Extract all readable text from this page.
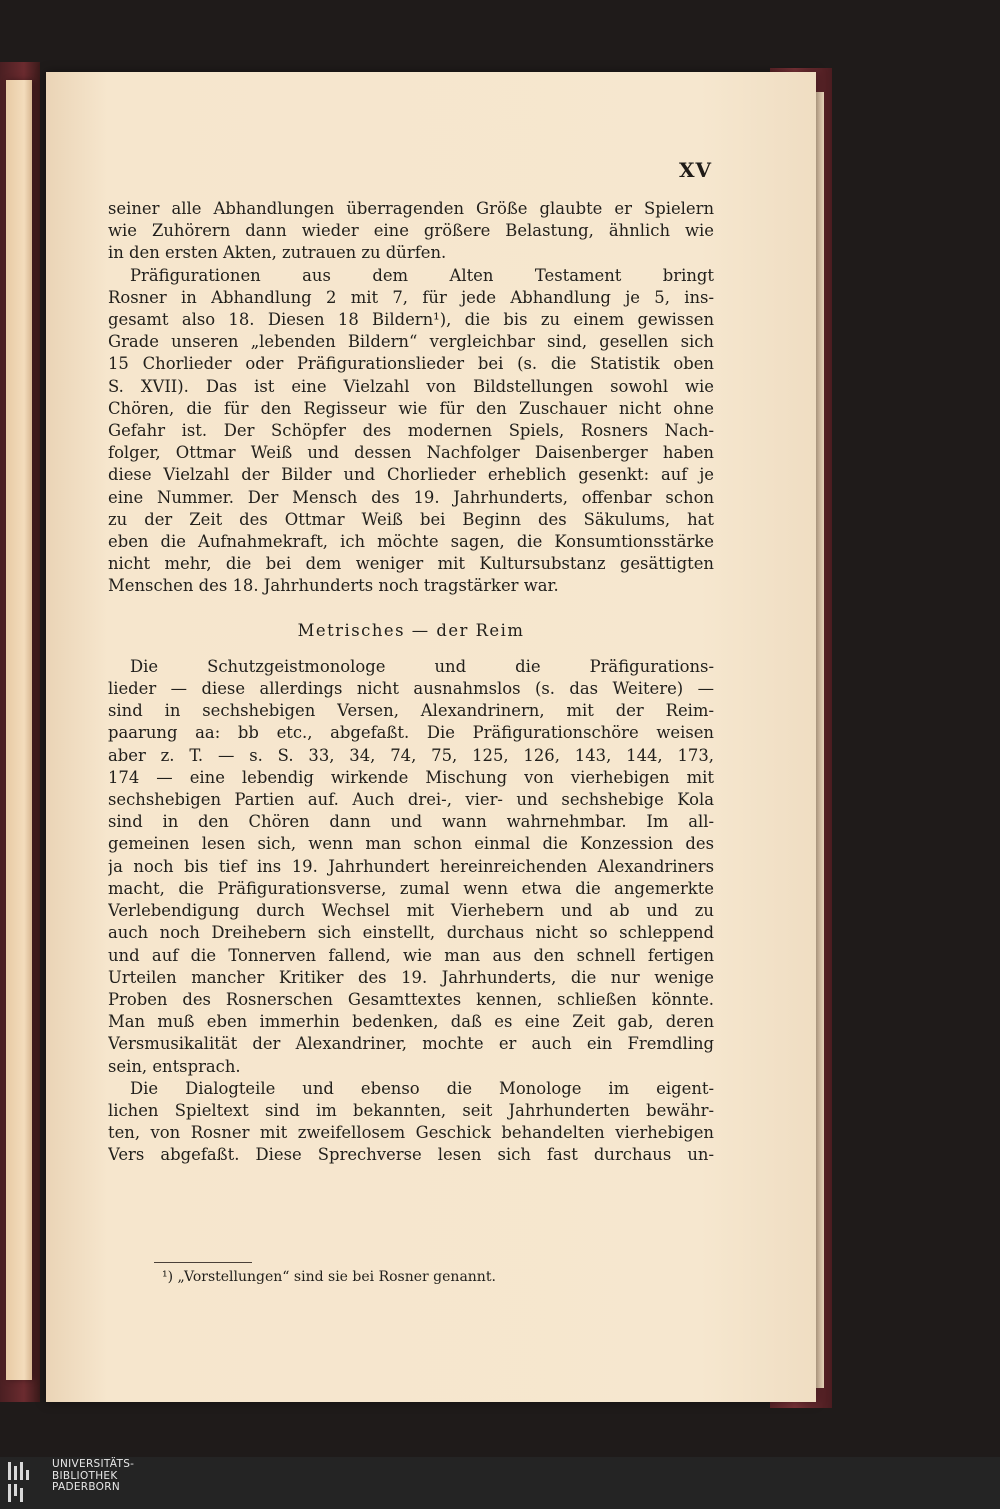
XV
seiner alle Abhandlungen überragenden Größe glaubte er Spielern
wie Zuhörern dann wieder eine größere Belastung, ähnlich wie
in den ersten Akten, zutrauen zu dürfen.
Präfigurationen aus dem Alten Testament bringt
Rosner in Abhandlung 2 mit 7, für jede Abhandlung je 5, ins-
gesamt also 18. Diesen 18 Bildern¹), die bis zu einem gewissen
Grade unseren „lebenden Bildern“ vergleichbar sind, gesellen sich
15 Chorlieder oder Präfigurationslieder bei (s. die Statistik oben
S. XVII). Das ist eine Vielzahl von Bildstellungen sowohl wie
Chören, die für den Regisseur wie für den Zuschauer nicht ohne
Gefahr ist. Der Schöpfer des modernen Spiels, Rosners Nach-
folger, Ottmar Weiß und dessen Nachfolger Daisenberger haben
diese Vielzahl der Bilder und Chorlieder erheblich gesenkt: auf je
eine Nummer. Der Mensch des 19. Jahrhunderts, offenbar schon
zu der Zeit des Ottmar Weiß bei Beginn des Säkulums, hat
eben die Aufnahmekraft, ich möchte sagen, die Konsumtionsstärke
nicht mehr, die bei dem weniger mit Kultursubstanz gesättigten
Menschen des 18. Jahrhunderts noch tragstärker war.
Metrisches — der Reim
Die Schutzgeistmonologe und die Präfigurations-
lieder — diese allerdings nicht ausnahmslos (s. das Weitere) —
sind in sechshebigen Versen, Alexandrinern, mit der Reim-
paarung aa: bb etc., abgefaßt. Die Präfigurationschöre weisen
aber z. T. — s. S. 33, 34, 74, 75, 125, 126, 143, 144, 173,
174 — eine lebendig wirkende Mischung von vierhebigen mit
sechshebigen Partien auf. Auch drei-, vier- und sechshebige Kola
sind in den Chören dann und wann wahrnehmbar. Im all-
gemeinen lesen sich, wenn man schon einmal die Konzession des
ja noch bis tief ins 19. Jahrhundert hereinreichenden Alexandriners
macht, die Präfigurationsverse, zumal wenn etwa die angemerkte
Verlebendigung durch Wechsel mit Vierhebern und ab und zu
auch noch Dreihebern sich einstellt, durchaus nicht so schleppend
und auf die Tonnerven fallend, wie man aus den schnell fertigen
Urteilen mancher Kritiker des 19. Jahrhunderts, die nur wenige
Proben des Rosnerschen Gesamttextes kennen, schließen könnte.
Man muß eben immerhin bedenken, daß es eine Zeit gab, deren
Versmusikalität der Alexandriner, mochte er auch ein Fremdling
sein, entsprach.
Die Dialogteile und ebenso die Monologe im eigent-
lichen Spieltext sind im bekannten, seit Jahrhunderten bewähr-
ten, von Rosner mit zweifellosem Geschick behandelten vierhebigen
Vers abgefaßt. Diese Sprechverse lesen sich fast durchaus un-
¹) „Vorstellungen“ sind sie bei Rosner genannt.
UNIVERSITÄTS-
BIBLIOTHEK
PADERBORN
